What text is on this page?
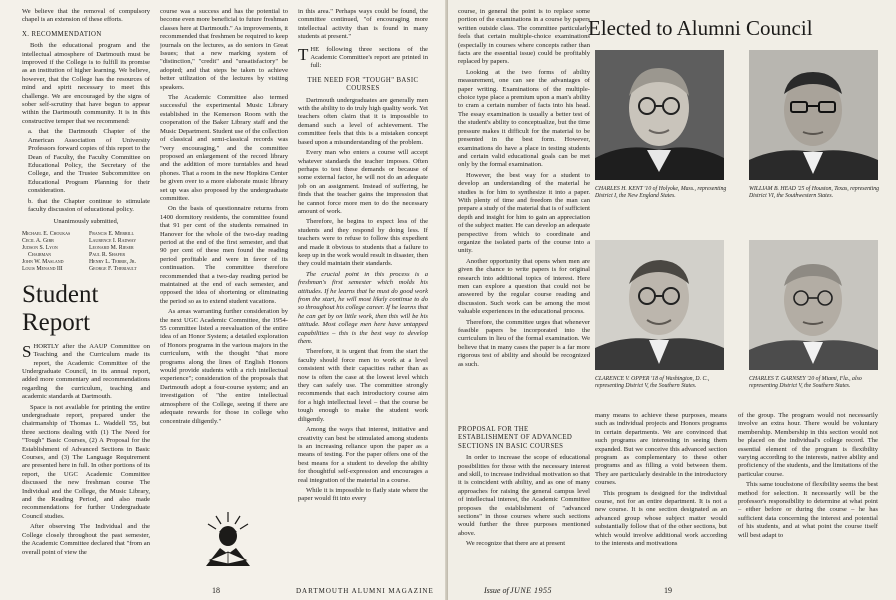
We believe that the removal of compulsory chapel is an extension of these efforts.

X. RECOMMENDATION

Both the educational program and the intellectual atmosphere of Dartmouth must be improved if the College is to fulfill its promise as an institution of higher learning. We believe, however, that the College has the resources of mind and spirit necessary to meet this challenge. We are encouraged by the signs of sober self-scrutiny that have begun to appear within the Dartmouth community. It is in this constructive temper that we recommend:

a. that the Dartmouth Chapter of the American Association of University Professors forward copies of this report to the Dean of Faculty, the Faculty Committee on Educational Policy, the Secretary of the College, and the Trustee Subcommittee on Educational Program Planning for their consideration.

b. that the Chapter continue to stimulate faculty discussion of educational policy.

Unanimously submitted,
Michael E. Choukas
Cecil A. Gibb
Judson S. Lyon
Chairman
John W. Masland
Louis Menand III
Francis E. Merrill
Laurence I. Radway
Leonard M. Rieser
Paul R. Shafer
Henry L. Terrie, Jr.
George F. Theriault
Student Report

SHORTLY after the AAUP Committee on Teaching and the Curriculum made its report, the Academic Committee of the Undergraduate Council, in its annual report, added more commentary and recommendations regarding the curriculum, teaching and academic standards at Dartmouth.

Space is not available for printing the entire undergraduate report, prepared under the chairmanship of Thomas L. Waddell '55, but three sections dealing with (1) The Need for "Tough" Basic Courses, (2) A Proposal for the Establishment of Advanced Sections in Basic Courses, and (3) The Language Requirement are presented here in full. In other portions of its report, the UGC Academic Committee discussed the new freshman course The Individual and the College, the Music Library, and the Reading Period, and also made recommendations for further Undergraduate Council studies.

After observing The Individual and the College closely throughout the past semester, the Academic Committee declared that "from an overall point of view the

course was a success and has the potential to become even more beneficial to future freshman classes here at Dartmouth." As improvements, it recommended that freshmen be required to keep journals on the lectures, as do seniors in Great Issues; that a new marking system of "distinction," "credit" and "unsatisfactory" be adopted; and that steps be taken to achieve better utilization of the lectures by visiting speakers.

The Academic Committee also termed successful the experimental Music Library established in the Kemerson Room with the cooperation of the Baker Library staff and the Music Department. Student use of the collection of classical and semi-classical records was "very encouraging," and the committee proposed an enlargement of the record library and the addition of more turntables and head phones. That a room in the new Hopkins Center be given over to a more elaborate music library set up was also proposed by the undergraduate committee.

On the basis of questionnaire returns from 1400 dormitory residents, the committee found that 91 per cent of the students remained in Hanover for the whole of the two-day reading period at the end of the first semester, and that 90 per cent of these men found the reading period profitable and were in favor of its continuation. The committee therefore recommended that a two-day reading period be maintained at the end of each semester, and opposed the idea of shortening or eliminating the period so as to extend student vacations.

As areas warranting further consideration by the next UGC Academic Committee, the 1954-55 committee listed a reevaluation of the entire idea of an Honor System; a detailed exploration of Honors programs in the various majors in the curriculum, with the thought "that more programs along the lines of English Honors would provide students with a rich intellectual experience"; consideration of the proposals that Dartmouth adopt a four-course system; and an investigation of "the entire intellectual atmosphere of the College, seeing if there are adequate rewards for those in college who concentrate diligently."

in this area." Perhaps ways could be found, the committee continued, "of encouraging more intellectual activity than is found in many students at present."

THE following three sections of the Academic Committee's report are printed in full:

THE NEED FOR "TOUGH" BASIC COURSES

Dartmouth undergraduates are generally men with the ability to do truly high quality work. Yet teachers often claim that it is impossible to demand such a level of achievement. The committee feels that this is a mistaken concept based upon a misunderstanding of the problem.

Every man who enters a course will accept whatever standards the teacher imposes. Often perhaps to test these demands or because of some external factor, he will not do an adequate job on an assignment. Instead of suffering, he finds that the teacher gains the impression that he cannot force more men to do the necessary amount of work.

Therefore, he begins to expect less of the students and they respond by doing less. If teachers were to refuse to follow this expedient and made it obvious to students that a failure to keep up in the work would result in disaster, then they could maintain their standards.

The crucial point in this process is a freshman's first semester which molds his attitudes. If he learns that he must do good work from the start, he will most likely continue to do so throughout his college career. If he learns that he can get by on little work, then this will be his attitude. Most college men here have untapped capabilities – this is the best way to develop them.

Therefore, it is urgent that from the start the faculty should force men to work at a level consistent with their capacities rather than as now is often the case at the lowest level which they can safely use. The committee strongly recommends that each introductory course aim for a high intellectual level – that the course be tough enough to make the student work diligently.

Among the ways that interest, initiative and creativity can best be stimulated among students is an increasing reliance upon the paper as a means of testing. For the paper offers one of the best means for a student to develop the ability for thoughtful self-expression and encourages a real integration of the material in a course.

While it is impossible to flatly state where the paper would fit into every

18	DARTMOUTH ALUMNI MAGAZINE

course, in general the point is to replace some portion of the examinations in a course by papers written outside class. The committee particularly feels that certain multiple-choice examinations (especially in courses where concepts rather than facts are the essential issue) could be profitably replaced by papers.

Looking at the two forms of ability measurement, one can see the advantages of paper writing. Examinations of the multiple-choice type place a premium upon a man's ability to cram a certain number of facts into his head. The essay examination is usually a better test of the student's ability to conceptualize, but the time pressure makes it difficult for the material to be presented in the best form. However, examinations do have a place in testing students and certain valid educational goals can be met only by the formal examination.

However, the best way for a student to develop an understanding of the material he studies is for him to synthesize it into a paper. With plenty of time and freedom the man can prepare a study of the material that is of sufficient depth and insight for him to gain an appreciation of the subject matter. He can develop an adequate perspective from which to coordinate and organize the isolated parts of the course into a unity.

Another opportunity that opens when men are given the chance to write papers is for original research into additional topics of interest. Here men can explore a question that could not be answered by the regular course reading and discussion. Such work can be among the most valuable experiences in the educational process.

Therefore, the committee urges that whenever feasible papers be incorporated into the curriculum in lieu of the formal examination. We believe that in many cases the paper is a far more rigorous test of ability and should be recognized as such.

PROPOSAL FOR THE ESTABLISHMENT OF ADVANCED SECTIONS IN BASIC COURSES

In order to increase the scope of educational possibilities for those with the necessary interest and skill, to increase individual motivation so that it is coincident with ability, and as one of many approaches for raising the general campus level of intellectual interest, the Academic Committee proposes the establishment of "advanced sections" in those courses where such sections would further the three purposes mentioned above.

We recognize that there are at present

Elected to Alumni Council
CHARLES H. KENT '10 of Holyoke, Mass., representing District I, the New England States.
WILLIAM B. HEAD '25 of Houston, Texas, representing District VI, the Southwestern States.
CLARENCE V. OPPER '18 of Washington, D. C., representing District V, the Southern States.
CHARLES T. GARNSEY '20 of Miami, Fla., also representing District V, the Southern States.

many means to achieve these purposes, means such as individual projects and Honors programs in certain departments. We are convinced that such programs are interesting in seeing them expanded. But we conceive this advanced section program as complementary to these other programs and as filling a void between them. They are particularly desirable in the introductory courses.

This program is designed for the individual course, not for an entire department. It is not a new course. It is one section designated as an advanced group whose subject matter would substantially follow that of the other sections, but which would involve additional work according to the interests and motivations

of the group. The program would not necessarily involve an extra hour. There would be voluntary membership. Membership in this section would not be placed on the individual's college record. The essential element of the program is flexibility varying according to the interests, native ability and proficiency of the students, and the limitations of the particular course.

This same touchstone of flexibility seems the best method for selection. It necessarily will be the professor's responsibility to determine at what point – either before or during the course – he has sufficient data concerning the interest and potential of his students, and at what point the course itself will best adapt to

Issue of JUNE 1955	19
